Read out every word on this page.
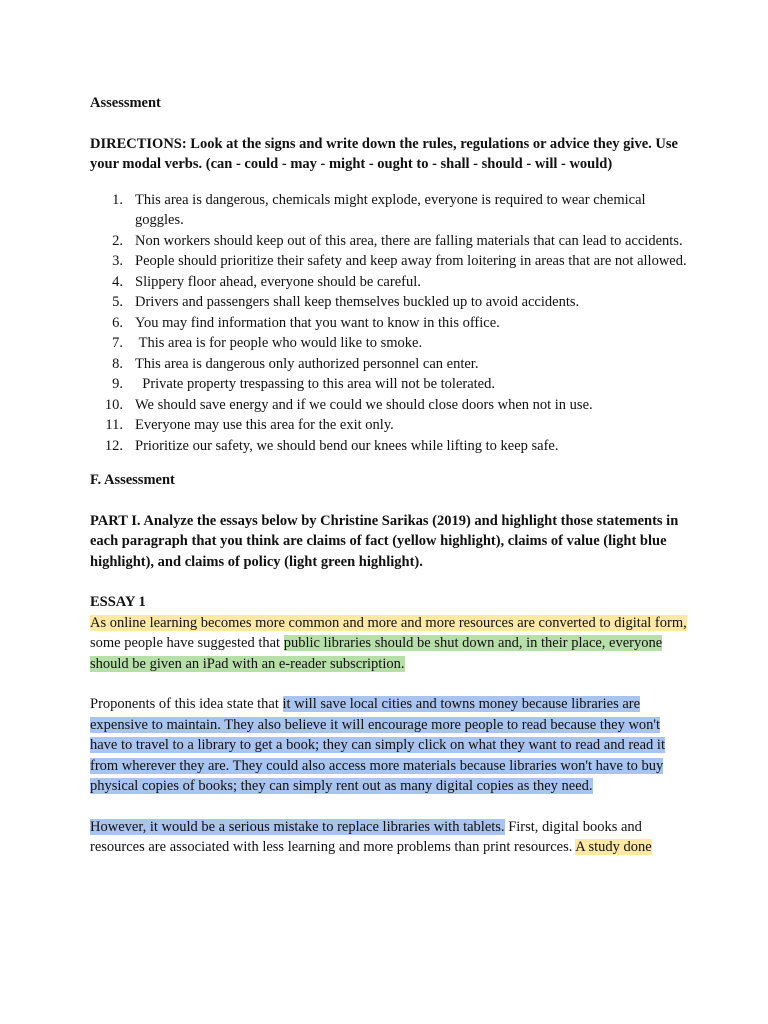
Assessment

DIRECTIONS: Look at the signs and write down the rules, regulations or advice they give. Use your modal verbs. (can - could - may - might - ought to - shall - should - will - would)

1. This area is dangerous, chemicals might explode, everyone is required to wear chemical goggles.
2. Non workers should keep out of this area, there are falling materials that can lead to accidents.
3. People should prioritize their safety and keep away from loitering in areas that are not allowed.
4. Slippery floor ahead, everyone should be careful.
5. Drivers and passengers shall keep themselves buckled up to avoid accidents.
6. You may find information that you want to know in this office.
7. This area is for people who would like to smoke.
8. This area is dangerous only authorized personnel can enter.
9. Private property trespassing to this area will not be tolerated.
10. We should save energy and if we could we should close doors when not in use.
11. Everyone may use this area for the exit only.
12. Prioritize our safety, we should bend our knees while lifting to keep safe.

F. Assessment

PART I. Analyze the essays below by Christine Sarikas (2019) and highlight those statements in each paragraph that you think are claims of fact (yellow highlight), claims of value (light blue highlight), and claims of policy (light green highlight).

ESSAY 1

As online learning becomes more common and more and more resources are converted to digital form, some people have suggested that public libraries should be shut down and, in their place, everyone should be given an iPad with an e-reader subscription.

Proponents of this idea state that it will save local cities and towns money because libraries are expensive to maintain. They also believe it will encourage more people to read because they won't have to travel to a library to get a book; they can simply click on what they want to read and read it from wherever they are. They could also access more materials because libraries won't have to buy physical copies of books; they can simply rent out as many digital copies as they need.

However, it would be a serious mistake to replace libraries with tablets. First, digital books and resources are associated with less learning and more problems than print resources. A study done
